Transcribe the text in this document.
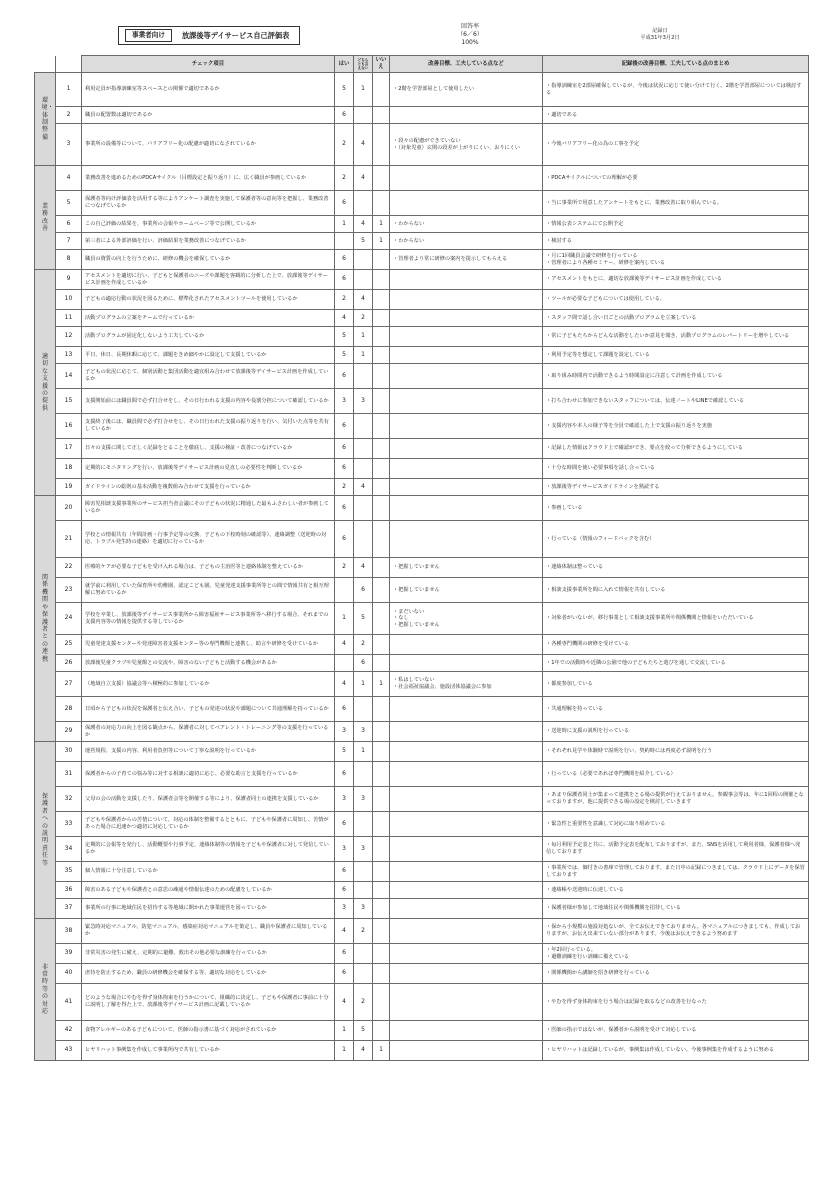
事業者向け	放課後等デイサービス自己評価表
回答率
（6／6）
100%
記録日
平成31年3月2日
		チェック項目	はい	どちらとも言えない	いいえ	改善目標、工夫している点など	記録後の改善目標、工夫している点のまとめ

環境・体制整備	1	利用定員が指導訓練室等スペースとの関係で適切であるか	5	1		・2階を学習部屋として使用したい	・指導訓練室を2部屋確保しているが、今後は状況に応じて使い分けて行く。2階を学習部屋については検討する
	2	職員の配置数は適切であるか	6				・適切である
	3	事業所の設備等について、バリアフリー化の配慮が適切になされているか	2	4		・段々の配慮ができていない
・（対象児童）玄関の段差が上がりにくい、おりにくい	・今後バリアフリー化の為の工事を予定

業務改善	4	業務改善を進めるためのPDCAサイクル（目標設定と振り返り）に、広く職員が参画しているか	2	4			・PDCAサイクルについての理解が必要
	5	保護者等向け評価表を活用する等によりアンケート調査を実施して保護者等の意向等を把握し、業務改善につなげているか	6				・当に事業所で用意したアンケートをもとに、業務改善に取り組んでいる。
	6	この自己評価の結果を、事業所の会報やホームページ等で公開しているか	1	4	1	・わからない	・情報公表システムにて公開予定
	7	第三者による外部評価を行い、評価結果を業務改善につなげているか		5	1	・わからない	・検討する
	8	職員の資質の向上を行うために、研修の機会を確保しているか	6			・管理者より常に研修の案内を提示してもらえる	・月に1回職員会議で研修を行っている
・管理者により各種セミナー、研修を案内している

適切な支援の提供	9	アセスメントを適切に行い、子どもと保護者のニーズや課題を客観的に分析した上で、放課後等デイサービス計画を作成しているか	6				・アセスメントをもとに、適切な放課後等デイサービス計画を作成している
	10	子どもの適応行動の状況を図るために、標準化されたアセスメントツールを使用しているか	2	4			・ツールが必要な子どもについては使用している。
	11	活動プログラムの立案をチームで行っているか	4	2			・スタッフ間で話し合い日ごとの活動プログラムを立案している
	12	活動プログラムが固定化しないよう工夫しているか	5	1			・常に子どもたちからどんな活動をしたいか意見を聞き、活動プログラムのレパートリーを増やしている
	13	平日、休日、長期休暇に応じて、課題をきめ細やかに設定して支援しているか	5	1			・利用予定等を想定して課題を設定している
	14	子どもの状況に応じて、個別活動と集団活動を適宜組み合わせて放課後等デイサービス計画を作成しているか	6				・取り組み時間内で活動できるよう時間設定に注意して計画を作成している
	15	支援開始前には職員間で必ず打合せをし、その日行われる支援の内容や役割分担について確認しているか	3	3			・打ち合わせに参加できないスタッフについては、伝達ノートやLINEで確認している
	16	支援終了後には、職員間で必ず打合せをし、その日行われた支援の振り返りを行い、気付いた点等を共有しているか	6				・支援内容や本人の様子等を全員で確認した上で支援の振り返りを実施
	17	日々の支援に関して正しく記録をとることを徹底し、支援の検証・改善につなげているか	6				・記録した情報はクラウド上で確認ができ、要点を絞って分析できるようにしている
	18	定期的にモニタリングを行い、放課後等デイサービス計画の見直しの必要性を判断しているか	6				・十分な時間を使い必要事項を話し合っている
	19	ガイドラインの総則の基本活動を複数組み合わせて支援を行っているか	2	4			・放課後等デイサービスガイドラインを熟読する

関係機関や保護者との連携	20	障害児相談支援事業所のサービス担当者会議にその子どもの状況に精通した最もふさわしい者が参画しているか	6				・参画している
	21	学校との情報共有（年間計画・行事予定等の交換、子どもの下校時刻の確認等）、連絡調整（送迎時の対応、トラブル発生時の連絡）を適切に行っているか	6				・行っている（情報のフィードバックを含む）
	22	医療的ケアが必要な子どもを受け入れる場合は、子どもの主治医等と連絡体制を整えているか	2	4		・把握していません	・連絡体制は整っている
	23	就学前に利用していた保育所や幼稚園、認定こども園、児童発達支援事業所等との間で情報共有と相互理解に努めているか		6		・把握していません	・相談支援事業所を間に入れて情報を共有している
	24	学校を卒業し、放課後等デイサービス事業所から障害福祉サービス事業所等へ移行する場合、それまでの支援内容等の情報を提供する等しているか	1	5		・まだいない
・なし
・把握していません	・対象者がいないが、移行事業として相談支援事業所や関係機関と情報をいただいている
	25	児童発達支援センターや発達障害者支援センター等の専門機関と連携し、助言や研修を受けているか	4	2			・各種専門機関の研修を受けている
	26	放課後児童クラブや児童館との交流や、障害のない子どもと活動する機会があるか		6			・1年での活動時や近隣の公園で他の子どもたちと遊びを通して交流している
	27	（地域自立支援）協議会等へ積極的に参加しているか	4	1	1	・私はしていない
・社会福祉協議会、施設団体協議会に参加	・都度参加している
	28	日頃から子どもの状況を保護者と伝え合い、子どもの発達の状況や課題について共通理解を持っているか	6				・共通理解を持っている
	29	保護者の対応力の向上を図る観点から、保護者に対してペアレント・トレーニング等の支援を行っているか	3	3			・送迎時に支援の説明を行っている

保護者への説明責任等	30	運営規程、支援の内容、利用者負担等について丁寧な説明を行っているか	5	1			・それぞれ見学や体験時で説明を行い、契約時には再度必ず説明を行う
	31	保護者からの子育ての悩み等に対する相談に適切に応じ、必要な助言と支援を行っているか	6				・行っている（必要であれば専門機関を紹介している）
	32	父母の会の活動を支援したり、保護者会等を開催する等により、保護者同士の連携を支援しているか	3	3			・あまり保護者同士が集まって連携をとる場の提供が行えておりません。参観事会等は、年に1回程の開催となっておりますが、他に提供できる場の設定を検討していきます
	33	子どもや保護者からの苦情について、対応の体制を整備するとともに、子どもや保護者に周知し、苦情があった場合に迅速かつ適切に対応しているか	6				・緊急性と重要性を意識して対応に取り組めている
	34	定期的に会報等を発行し、活動概要や行事予定、連絡体制等の情報を子どもや保護者に対して発信しているか	3	3			・毎月利用予定表と共に、活動予定表を配布しておりますが、また、SNSを活用して利用者様、保護者様へ発信しております
	35	個人情報に十分注意しているか	6				・事業所では、個付きの書庫で管理しております。また日中の記録につきましては、クラウド上にデータを保管しております
	36	障害のある子どもや保護者との意思の疎通や情報伝達のための配慮をしているか	6				・連絡帳や送迎時に伝達している
	37	事業所の行事に地域住民を招待する等地域に開かれた事業運営を図っているか	3	3			・保護者様が参加して地域住民や関係機関を招待している

非常時等の対応	38	緊急時対応マニュアル、防犯マニュアル、感染症対応マニュアルを策定し、職員や保護者に周知しているか	4	2			・保から小規模の施設対処ないが、全てお伝えできておりません。各マニュアルにつきましても、作成しておりますが、お伝え出来ていない部分があります。今後はお伝えできるよう努めます
	39	非常災害の発生に備え、定期的に避難、救出その他必要な訓練を行っているか	6				・年2回行っている。
・避難訓練を行い訓練に備えている
	40	虐待を防止するため、職員の研修機会を確保する等、適切な対応をしているか	6				・関係機関から講師を招き研修を行っている
	41	どのような場合にやむを得ず身体拘束を行うかについて、組織的に決定し、子どもや保護者に事前に十分に説明し了解を得た上で、放課後等デイサービス計画に記載しているか	4	2			・やむを得ず身体拘束を行う場合は記録を取るなどの改善を行なった
	42	食物アレルギーのある子どもについて、医師の指示書に基づく対応がされているか	1	5			・医師の指示ではないが、保護者から説明を受けて対応している
	43	ヒヤリハット事例集を作成して事業所内で共有しているか	1	4	1		・ヒヤリハットは記録しているが、事例集は作成していない。今後事例集を作成するように努める
